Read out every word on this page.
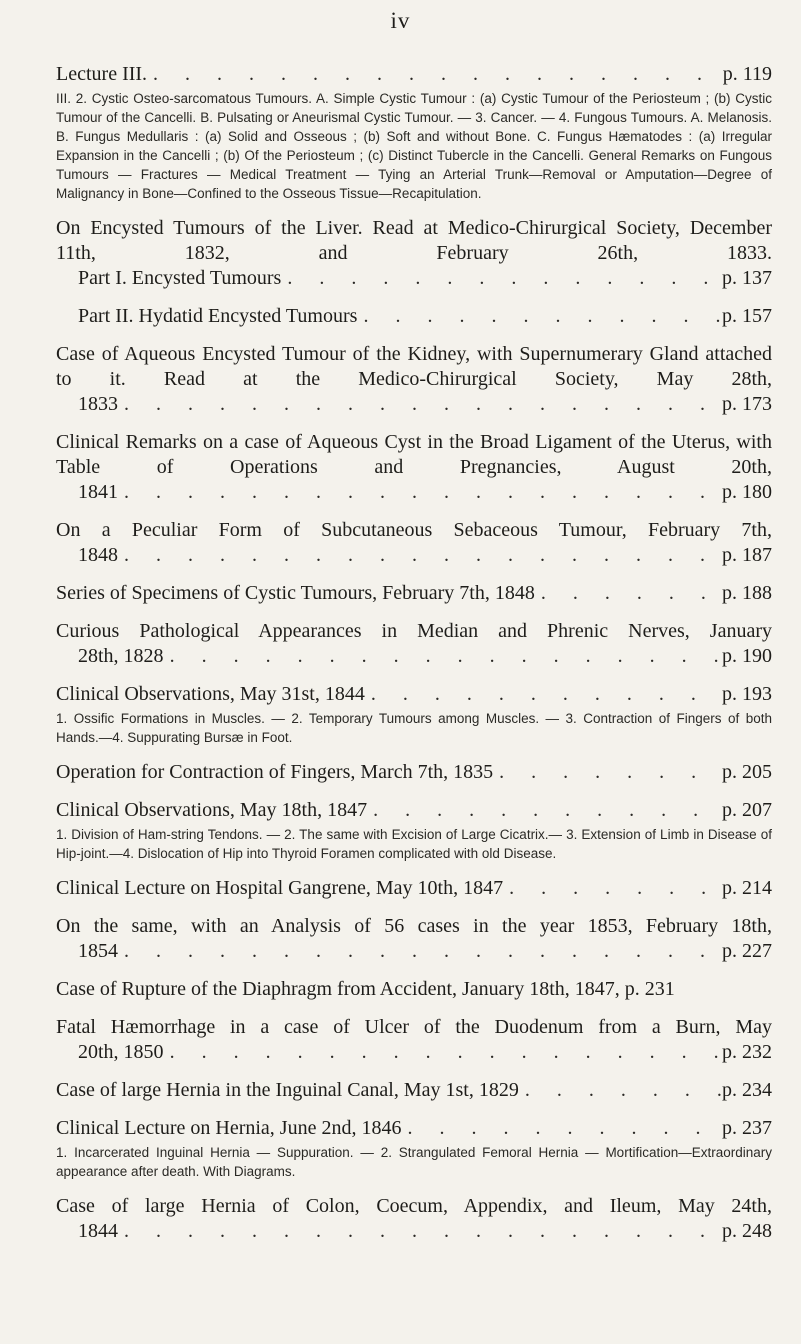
iv
Lecture III. . . .	p. 119
III. 2. Cystic Osteo-sarcomatous Tumours. A. Simple Cystic Tumour : (a) Cystic Tumour of the Periosteum ; (b) Cystic Tumour of the Cancelli. B. Pulsating or Aneurismal Cystic Tumour. — 3. Cancer. — 4. Fungous Tumours. A. Melanosis. B. Fungus Medullaris : (a) Solid and Osseous ; (b) Soft and without Bone. C. Fungus Hæmatodes : (a) Irregular Expansion in the Cancelli ; (b) Of the Periosteum ; (c) Distinct Tubercle in the Cancelli. General Remarks on Fungous Tumours — Fractures — Medical Treatment — Tying an Arterial Trunk—Removal or Amputation—Degree of Malignancy in Bone—Confined to the Osseous Tissue—Recapitulation.
On Encysted Tumours of the Liver. Read at Medico-Chirurgical Society, December 11th, 1832, and February 26th, 1833.
Part I. Encysted Tumours . . .	p. 137
Part II. Hydatid Encysted Tumours . . .	p. 157
Case of Aqueous Encysted Tumour of the Kidney, with Supernumerary Gland attached to it. Read at the Medico-Chirurgical Society, May 28th,
1833 . . .	p. 173
Clinical Remarks on a case of Aqueous Cyst in the Broad Ligament of the Uterus, with Table of Operations and Pregnancies, August 20th,
1841 . . .	p. 180
On a Peculiar Form of Subcutaneous Sebaceous Tumour, February 7th,
1848 . . .	p. 187
Series of Specimens of Cystic Tumours, February 7th, 1848 . . .	p. 188
Curious Pathological Appearances in Median and Phrenic Nerves, January
28th, 1828 . . .	p. 190
Clinical Observations, May 31st, 1844 . . .	p. 193
1. Ossific Formations in Muscles. — 2. Temporary Tumours among Muscles. — 3. Contraction of Fingers of both Hands.—4. Suppurating Bursæ in Foot.
Operation for Contraction of Fingers, March 7th, 1835 . . .	p. 205
Clinical Observations, May 18th, 1847 . . .	p. 207
1. Division of Ham-string Tendons. — 2. The same with Excision of Large Cicatrix.— 3. Extension of Limb in Disease of Hip-joint.—4. Dislocation of Hip into Thyroid Foramen complicated with old Disease.
Clinical Lecture on Hospital Gangrene, May 10th, 1847 . . .	p. 214
On the same, with an Analysis of 56 cases in the year 1853, February 18th,
1854 . . .	p. 227
Case of Rupture of the Diaphragm from Accident, January 18th, 1847, p. 231
Fatal Hæmorrhage in a case of Ulcer of the Duodenum from a Burn, May
20th, 1850 . . .	p. 232
Case of large Hernia in the Inguinal Canal, May 1st, 1829 . . .	p. 234
Clinical Lecture on Hernia, June 2nd, 1846 . . .	p. 237
1. Incarcerated Inguinal Hernia — Suppuration. — 2. Strangulated Femoral Hernia — Mortification—Extraordinary appearance after death. With Diagrams.
Case of large Hernia of Colon, Coecum, Appendix, and Ileum, May 24th,
1844 . . .	p. 248
